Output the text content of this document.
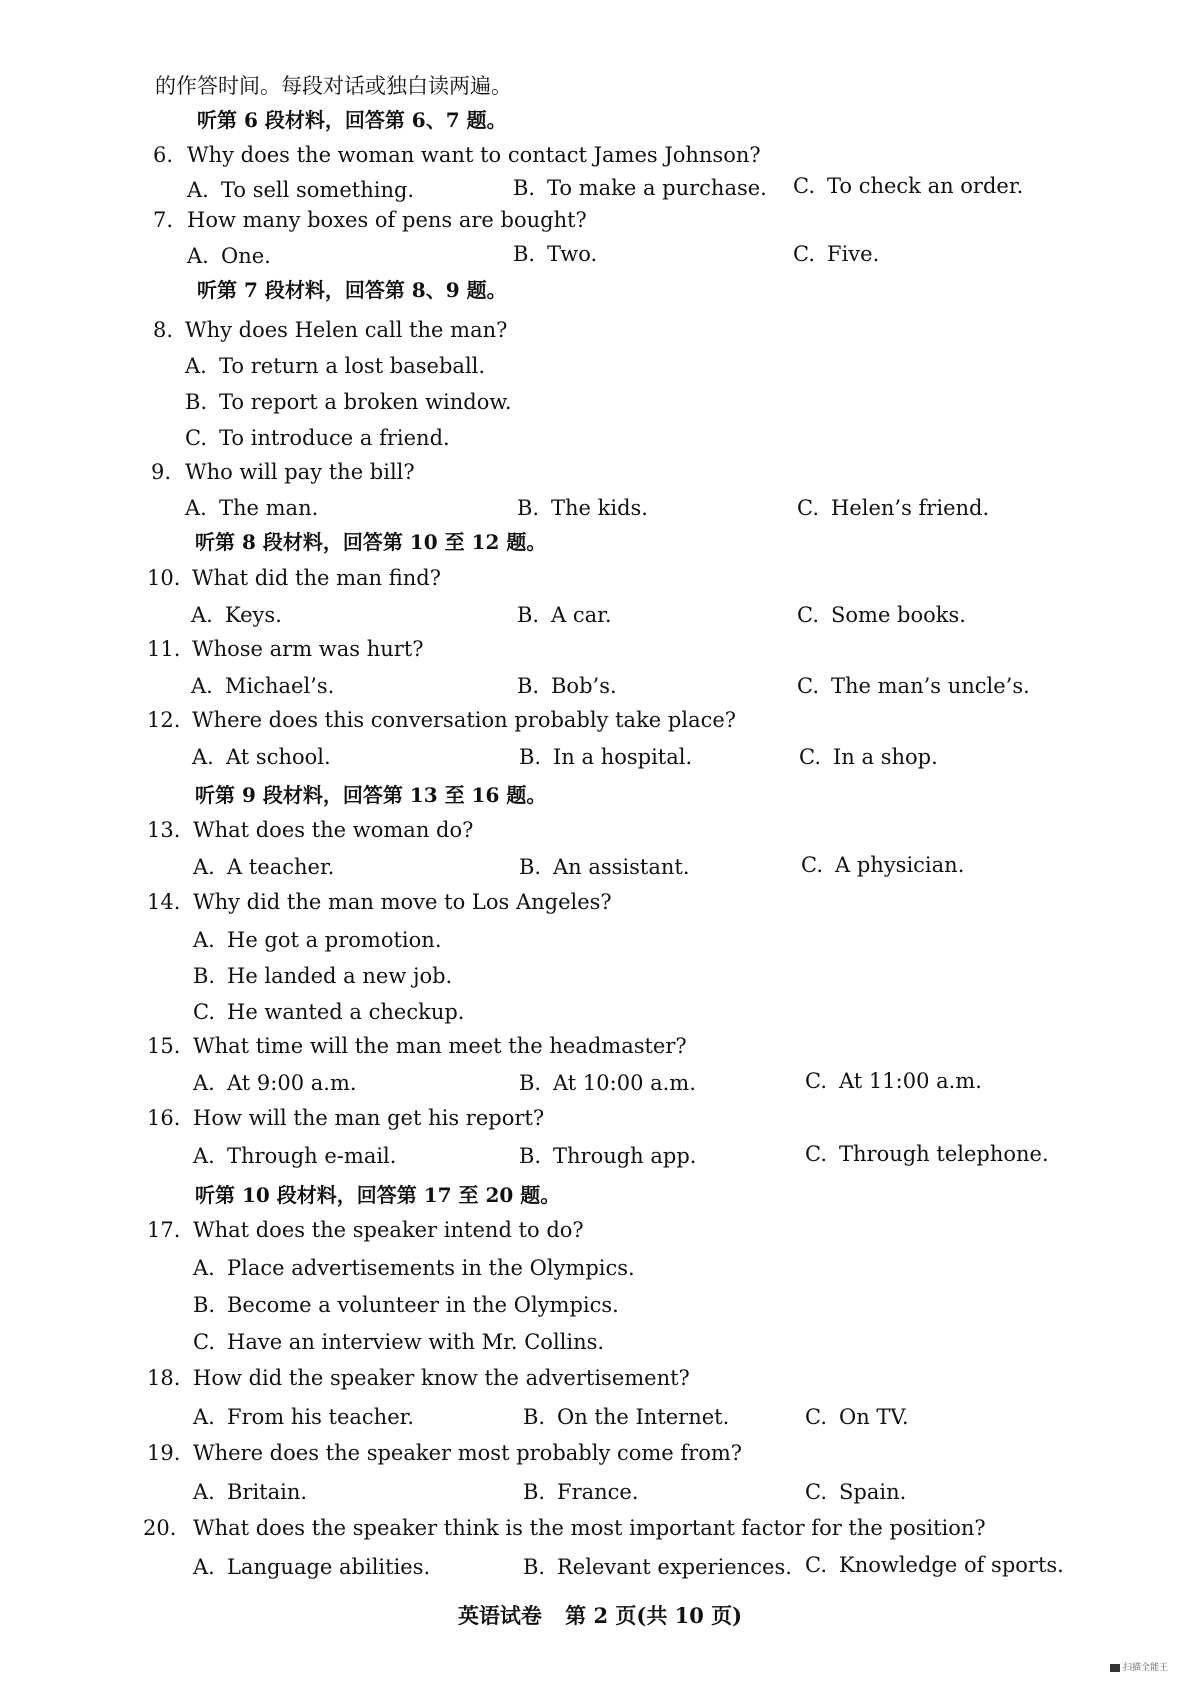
的作答时间。每段对话或独白读两遍。
听第 6 段材料，回答第 6、7 题。
6. Why does the woman want to contact James Johnson?
A. To sell something.	B. To make a purchase. C. To check an order.
7. How many boxes of pens are bought?
A. One.	B. Two.	C. Five.
听第 7 段材料，回答第 8、9 题。
8. Why does Helen call the man?
A. To return a lost baseball.
B. To report a broken window.
C. To introduce a friend.
9. Who will pay the bill?
A. The man.	B. The kids.	C. Helen’s friend.
听第 8 段材料，回答第 10 至 12 题。
10. What did the man find?
A. Keys.	B. A car.	C. Some books.
11. Whose arm was hurt?
A. Michael’s.	B. Bob’s.	C. The man’s uncle’s.
12. Where does this conversation probably take place?
A. At school.	B. In a hospital.	C. In a shop.
听第 9 段材料，回答第 13 至 16 题。
13. What does the woman do?
A. A teacher.	B. An assistant.	C. A physician.
14. Why did the man move to Los Angeles?
A. He got a promotion.
B. He landed a new job.
C. He wanted a checkup.
15. What time will the man meet the headmaster?
A. At 9:00 a.m.	B. At 10:00 a.m.	C. At 11:00 a.m.
16. How will the man get his report?
A. Through e-mail.	B. Through app.	C. Through telephone.
听第 10 段材料，回答第 17 至 20 题。
17. What does the speaker intend to do?
A. Place advertisements in the Olympics.
B. Become a volunteer in the Olympics.
C. Have an interview with Mr. Collins.
18. How did the speaker know the advertisement?
A. From his teacher.	B. On the Internet.	C. On TV.
19. Where does the speaker most probably come from?
A. Britain.	B. France.	C. Spain.
20. What does the speaker think is the most important factor for the position?
A. Language abilities.	B. Relevant experiences. C. Knowledge of sports.
英语试卷 第 2 页(共 10 页)
扫描全能王
